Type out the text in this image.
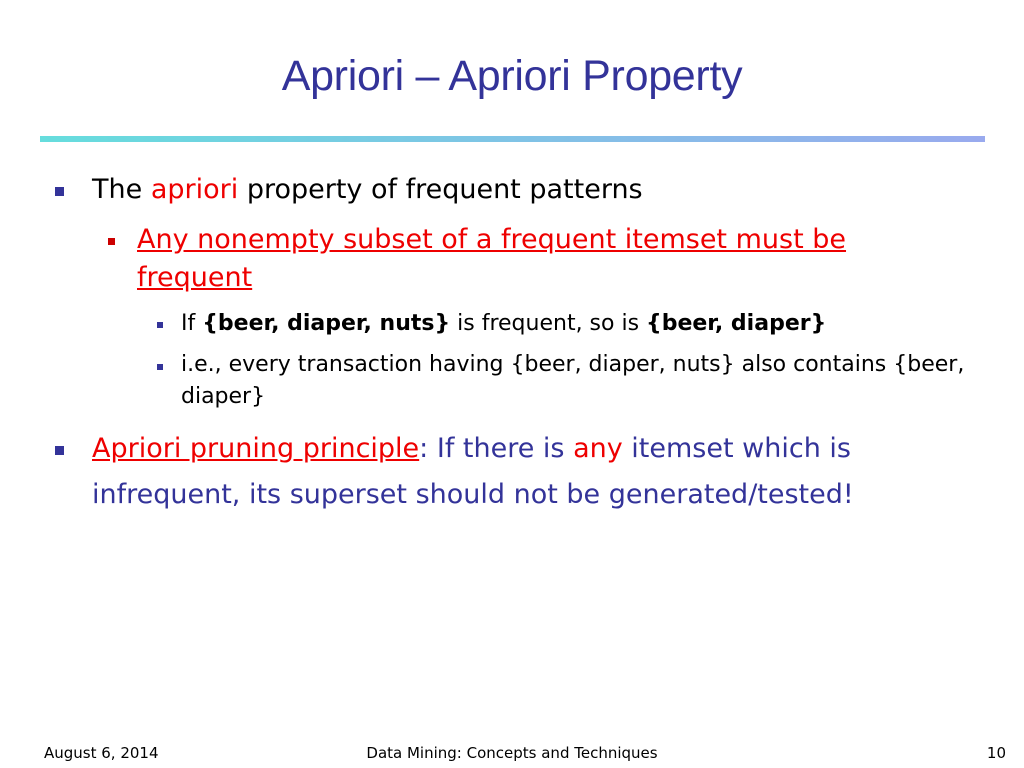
Apriori – Apriori Property
The apriori property of frequent patterns
Any nonempty subset of a frequent itemset must be frequent
If {beer, diaper, nuts} is frequent, so is {beer, diaper}
i.e., every transaction having {beer, diaper, nuts} also contains {beer, diaper}
Apriori pruning principle: If there is any itemset which is infrequent, its superset should not be generated/tested!
August 6, 2014	Data Mining: Concepts and Techniques	10
